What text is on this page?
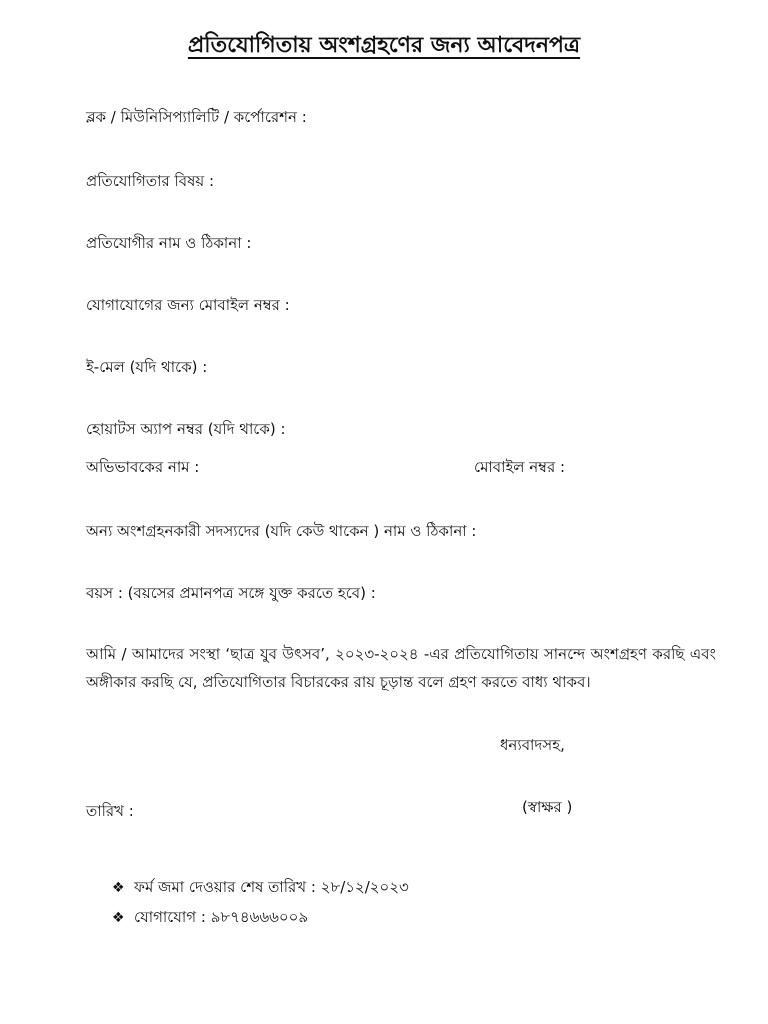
প্রতিযোগিতায় অংশগ্রহণের জন্য আবেদনপত্র
ব্লক / মিউনিসিপ্যালিটি / কর্পোরেশন :
প্রতিযোগিতার বিষয় :
প্রতিযোগীর নাম ও ঠিকানা :
যোগাযোগের জন্য মোবাইল নম্বর :
ই-মেল (যদি থাকে) :
হোয়াটস অ্যাপ নম্বর (যদি থাকে) :
অভিভাবকের নাম :	মোবাইল নম্বর :
অন্য অংশগ্রহনকারী সদস্যদের (যদি কেউ থাকেন ) নাম ও ঠিকানা :
বয়স : (বয়সের প্রমানপত্র সঙ্গে যুক্ত করতে হবে) :
আমি / আমাদের সংস্থা ‘ছাত্র যুব উৎসব’, ২০২৩-২০২৪ -এর প্রতিযোগিতায় সানন্দে অংশগ্রহণ করছি এবং অঙ্গীকার করছি যে, প্রতিযোগিতার বিচারকের রায় চূড়ান্ত বলে গ্রহণ করতে বাধ্য থাকব।
ধন্যবাদসহ,
তারিখ :	(স্বাক্ষর )
❖ ফর্ম জমা দেওয়ার শেষ তারিখ : ২৮/১২/২০২৩
❖ যোগাযোগ : ৯৮৭৪৬৬৬০০৯
